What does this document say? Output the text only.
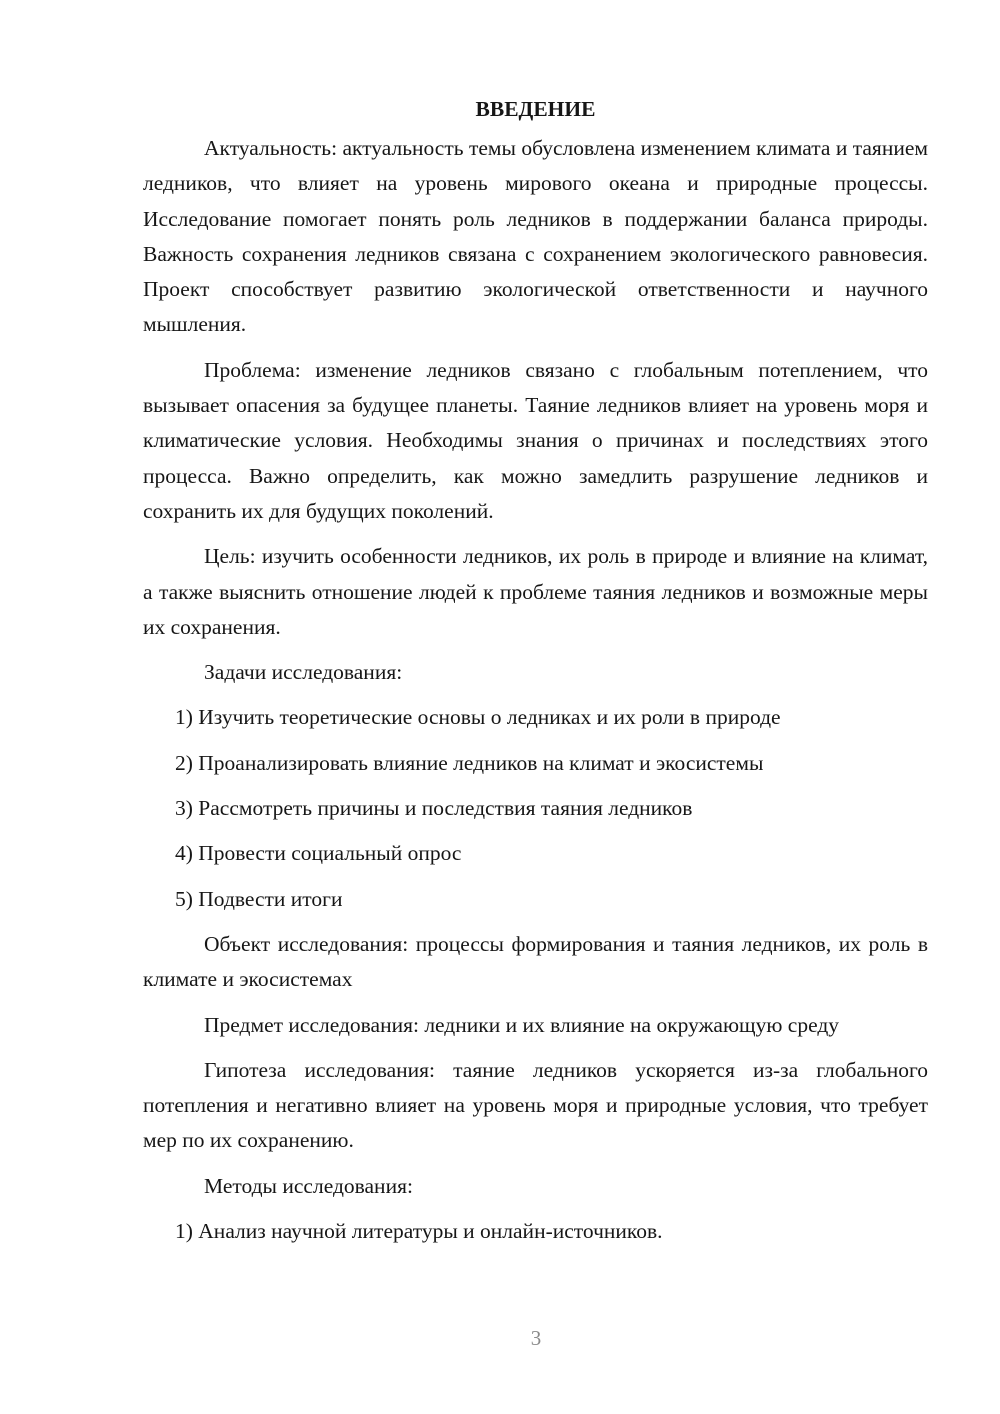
ВВЕДЕНИЕ

Актуальность: актуальность темы обусловлена изменением климата и таянием ледников, что влияет на уровень мирового океана и природные процессы. Исследование помогает понять роль ледников в поддержании баланса природы. Важность сохранения ледников связана с сохранением экологического равновесия. Проект способствует развитию экологической ответственности и научного мышления.

Проблема: изменение ледников связано с глобальным потеплением, что вызывает опасения за будущее планеты. Таяние ледников влияет на уровень моря и климатические условия. Необходимы знания о причинах и последствиях этого процесса. Важно определить, как можно замедлить разрушение ледников и сохранить их для будущих поколений.

Цель: изучить особенности ледников, их роль в природе и влияние на климат, а также выяснить отношение людей к проблеме таяния ледников и возможные меры их сохранения.

Задачи исследования:
1) Изучить теоретические основы о ледниках и их роли в природе
2) Проанализировать влияние ледников на климат и экосистемы
3) Рассмотреть причины и последствия таяния ледников
4) Провести социальный опрос
5) Подвести итоги

Объект исследования: процессы формирования и таяния ледников, их роль в климате и экосистемах

Предмет исследования: ледники и их влияние на окружающую среду

Гипотеза исследования: таяние ледников ускоряется из-за глобального потепления и негативно влияет на уровень моря и природные условия, что требует мер по их сохранению.

Методы исследования:
1) Анализ научной литературы и онлайн-источников.
3
